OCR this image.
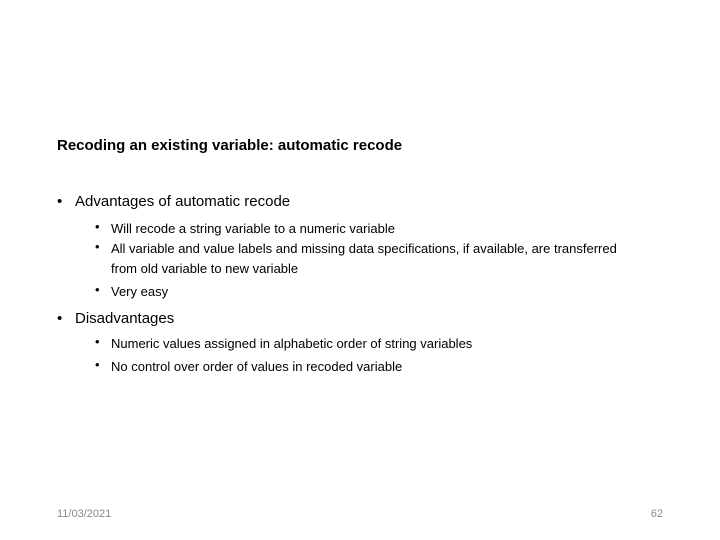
Recoding an existing variable: automatic recode
• Advantages of automatic recode
• Will recode a string variable to a numeric variable
• All variable and value labels and missing data specifications, if available, are transferred from old variable to new variable
• Very easy
• Disadvantages
• Numeric values assigned in alphabetic order of string variables
• No control over order of values in recoded variable
11/03/2021	62
